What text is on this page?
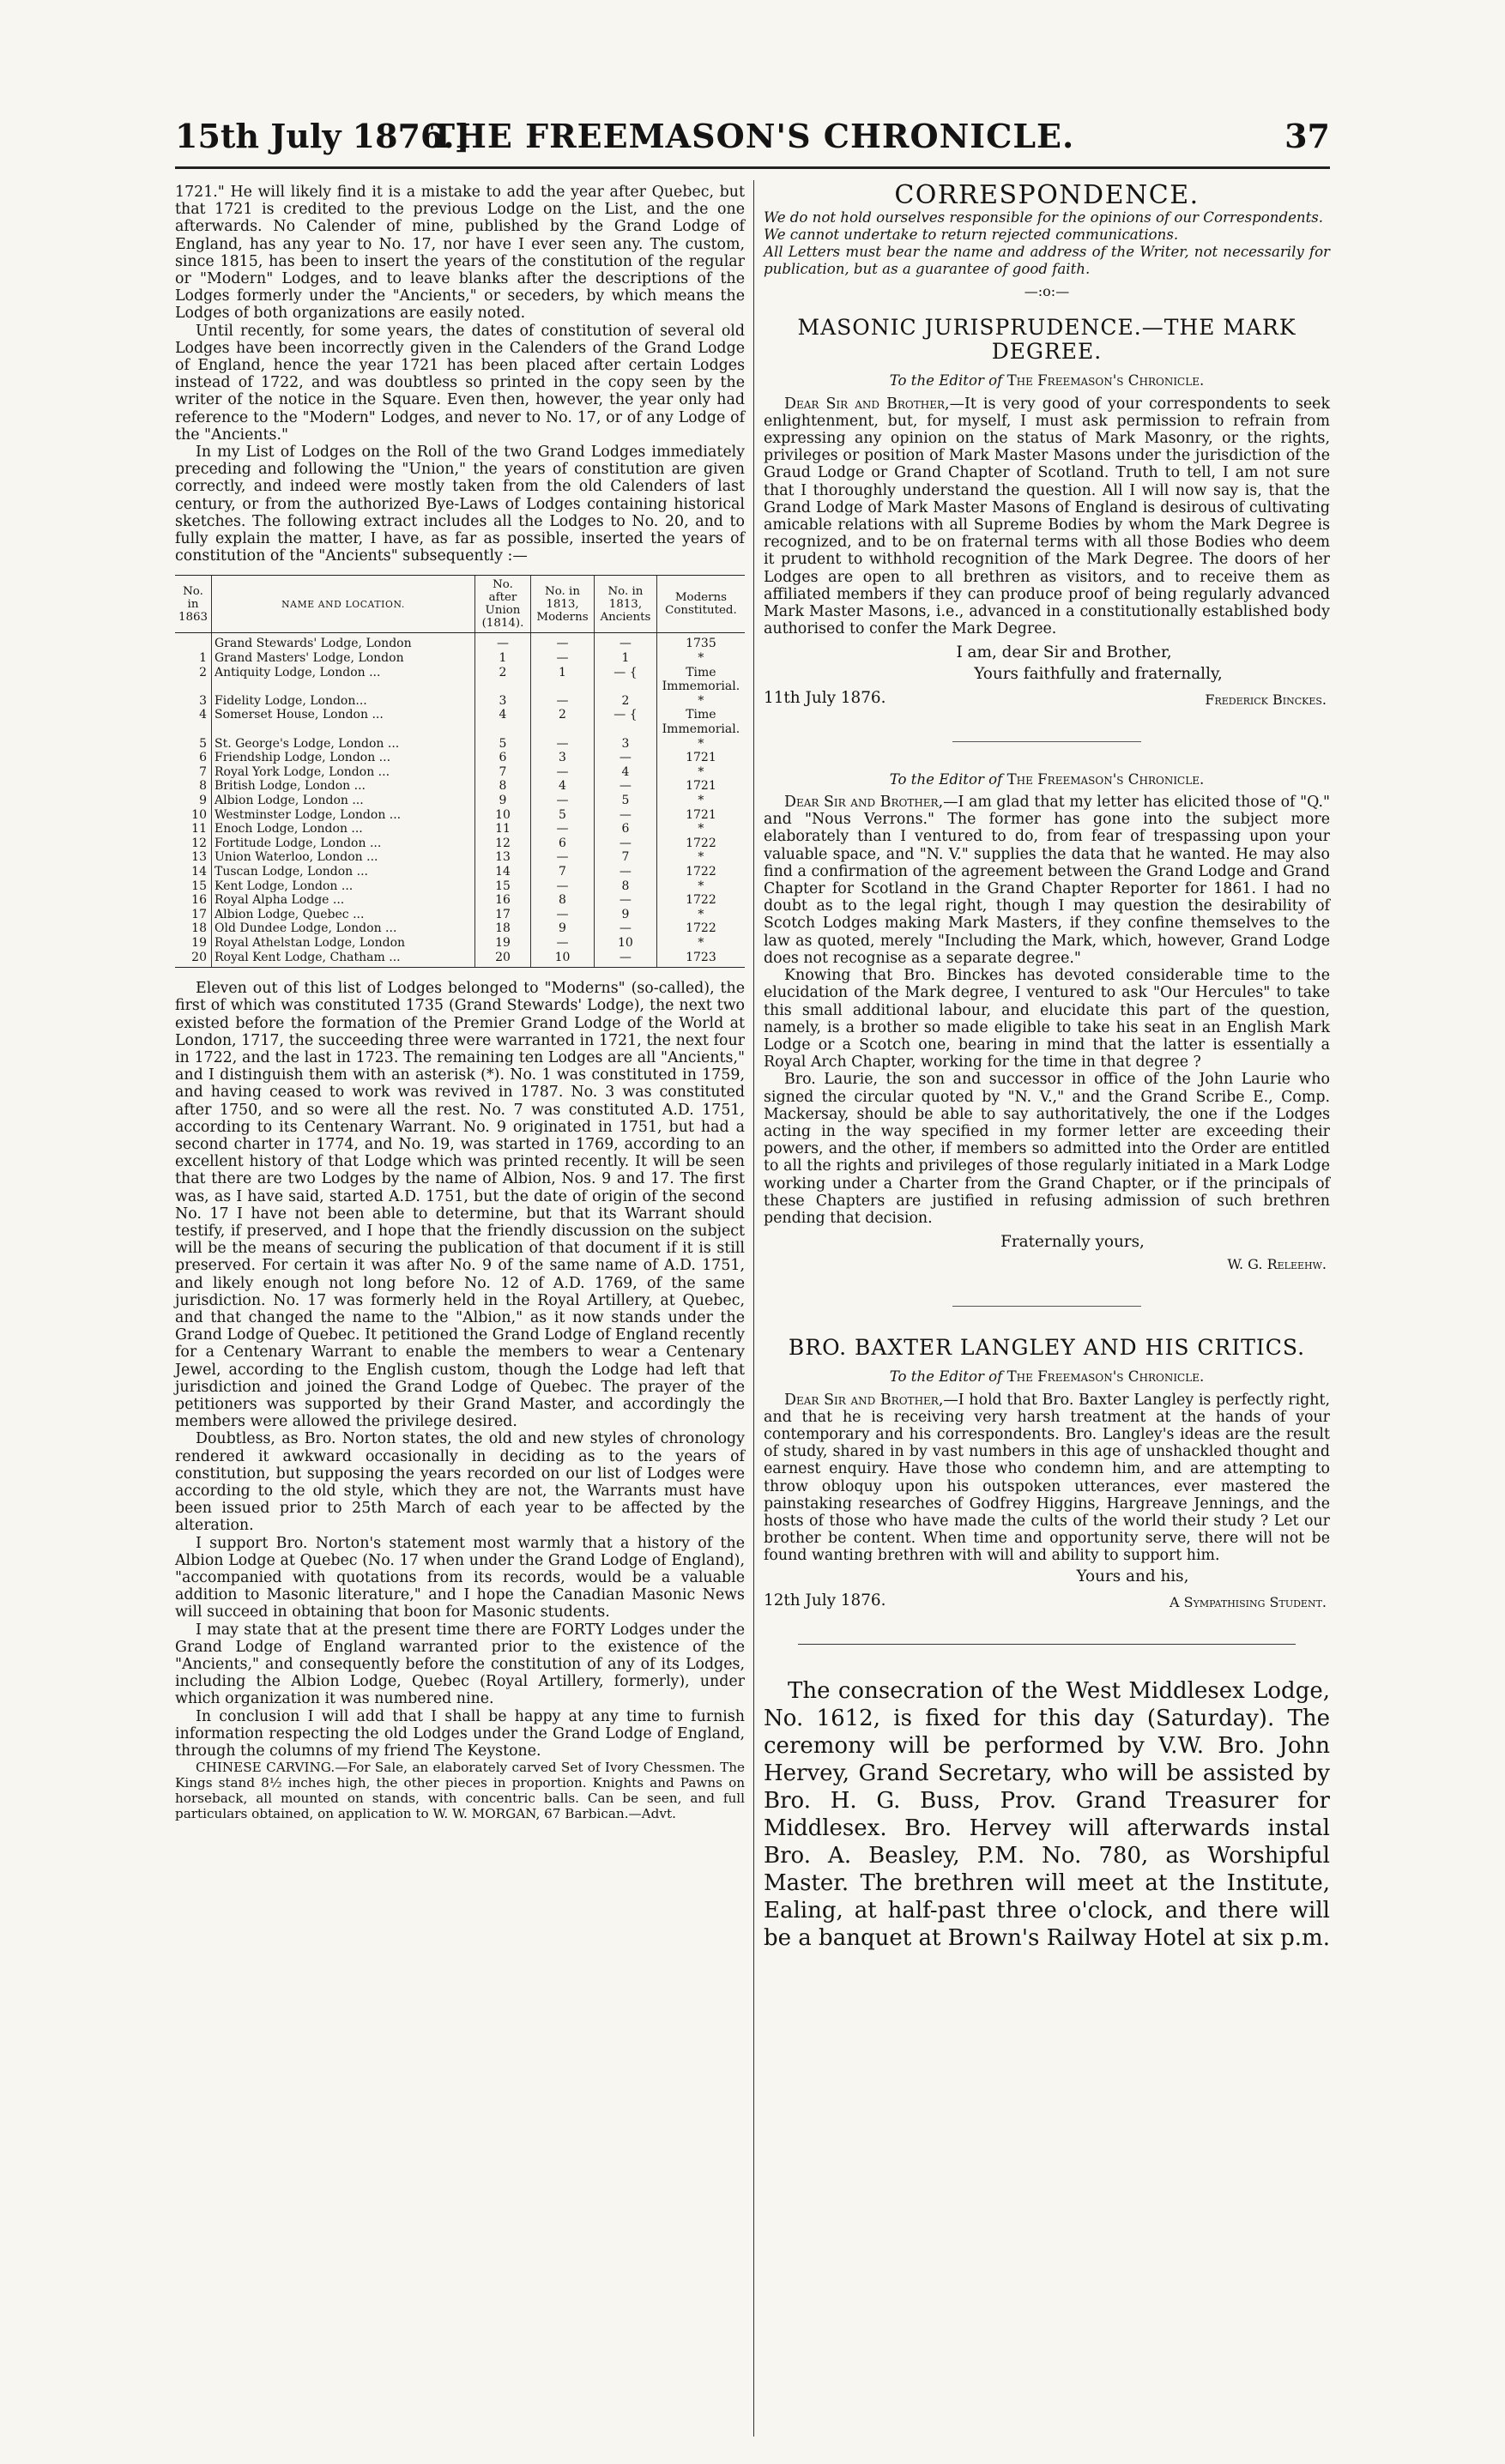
15th July 1876.]
THE FREEMASON'S CHRONICLE.	37

1721." He will likely find it is a mistake to add the year after Quebec, but that 1721 is credited to the previous Lodge on the List, and the one afterwards. No Calender of mine, published by the Grand Lodge of England, has any year to No. 17, nor have I ever seen any. The custom, since 1815, has been to insert the years of the constitution of the regular or "Modern" Lodges, and to leave blanks after the descriptions of the Lodges formerly under the "Ancients," or seceders, by which means the Lodges of both organizations are easily noted.

Until recently, for some years, the dates of constitution of several old Lodges have been incorrectly given in the Calenders of the Grand Lodge of England, hence the year 1721 has been placed after certain Lodges instead of 1722, and was doubtless so printed in the copy seen by the writer of the notice in the Square. Even then, however, the year only had reference to the "Modern" Lodges, and never to No. 17, or of any Lodge of the "Ancients."

In my List of Lodges on the Roll of the two Grand Lodges immediately preceding and following the "Union," the years of constitution are given correctly, and indeed were mostly taken from the old Calenders of last century, or from the authorized Bye-Laws of Lodges containing historical sketches. The following extract includes all the Lodges to No. 20, and to fully explain the matter, I have, as far as possible, inserted the years of constitution of the "Ancients" subsequently :—

No. in 1863	NAME AND LOCATION.	No. after Union (1814).	No. in 1813, Moderns	No. in 1813, Ancients	Moderns Constituted.
	Grand Stewards' Lodge, London	—	—	—	1735
1	Grand Masters' Lodge, London	1	—	1	*
2	Antiquity Lodge, London ...	2	1	— {	Time Immemorial.
3	Fidelity Lodge, London...	3	—	2	*
4	Somerset House, London ...	4	2	— {	Time Immemorial.
5	St. George's Lodge, London ...	5	—	3	*
6	Friendship Lodge, London ...	6	3	—	1721
7	Royal York Lodge, London ...	7	—	4	*
8	British Lodge, London ...	8	4	—	1721
9	Albion Lodge, London ...	9	—	5	*
10	Westminster Lodge, London ...	10	5	—	1721
11	Enoch Lodge, London ...	11	—	6	*
12	Fortitude Lodge, London ...	12	6	—	1722
13	Union Waterloo, London ...	13	—	7	*
14	Tuscan Lodge, London ...	14	7	—	1722
15	Kent Lodge, London ...	15	—	8	*
16	Royal Alpha Lodge ...	16	8	—	1722
17	Albion Lodge, Quebec ...	17	—	9	*
18	Old Dundee Lodge, London ...	18	9	—	1722
19	Royal Athelstan Lodge, London	19	—	10	*
20	Royal Kent Lodge, Chatham ...	20	10	—	1723

Eleven out of this list of Lodges belonged to "Moderns" (so-called), the first of which was constituted 1735 (Grand Stewards' Lodge), the next two existed before the formation of the Premier Grand Lodge of the World at London, 1717, the succeeding three were warranted in 1721, the next four in 1722, and the last in 1723. The remaining ten Lodges are all "Ancients," and I distinguish them with an asterisk (*). No. 1 was constituted in 1759, and having ceased to work was revived in 1787. No. 3 was constituted after 1750, and so were all the rest. No. 7 was constituted A.D. 1751, according to its Centenary Warrant. No. 9 originated in 1751, but had a second charter in 1774, and No. 19, was started in 1769, according to an excellent history of that Lodge which was printed recently. It will be seen that there are two Lodges by the name of Albion, Nos. 9 and 17. The first was, as I have said, started A.D. 1751, but the date of origin of the second No. 17 I have not been able to determine, but that its Warrant should testify, if preserved, and I hope that the friendly discussion on the subject will be the means of securing the publication of that document if it is still preserved. For certain it was after No. 9 of the same name of A.D. 1751, and likely enough not long before No. 12 of A.D. 1769, of the same jurisdiction. No. 17 was formerly held in the Royal Artillery, at Quebec, and that changed the name to the "Albion," as it now stands under the Grand Lodge of Quebec. It petitioned the Grand Lodge of England recently for a Centenary Warrant to enable the members to wear a Centenary Jewel, according to the English custom, though the Lodge had left that jurisdiction and joined the Grand Lodge of Quebec. The prayer of the petitioners was supported by their Grand Master, and accordingly the members were allowed the privilege desired.

Doubtless, as Bro. Norton states, the old and new styles of chronology rendered it awkward occasionally in deciding as to the years of constitution, but supposing the years recorded on our list of Lodges were according to the old style, which they are not, the Warrants must have been issued prior to 25th March of each year to be affected by the alteration.

I support Bro. Norton's statement most warmly that a history of the Albion Lodge at Quebec (No. 17 when under the Grand Lodge of England), "accompanied with quotations from its records, would be a valuable addition to Masonic literature," and I hope the Canadian Masonic News will succeed in obtaining that boon for Masonic students.

I may state that at the present time there are FORTY Lodges under the Grand Lodge of England warranted prior to the existence of the "Ancients," and consequently before the constitution of any of its Lodges, including the Albion Lodge, Quebec (Royal Artillery, formerly), under which organization it was numbered nine.

In conclusion I will add that I shall be happy at any time to furnish information respecting the old Lodges under the Grand Lodge of England, through the columns of my friend The Keystone.

CHINESE CARVING.—For Sale, an elaborately carved Set of Ivory Chessmen. The Kings stand 8½ inches high, the other pieces in proportion. Knights and Pawns on horseback, all mounted on stands, with concentric balls. Can be seen, and full particulars obtained, on application to W. W. MORGAN, 67 Barbican.—Advt.

CORRESPONDENCE.

We do not hold ourselves responsible for the opinions of our Correspondents.

We cannot undertake to return rejected communications.

All Letters must bear the name and address of the Writer, not necessarily for publication, but as a guarantee of good faith.

—:o:—
MASONIC JURISPRUDENCE.—THE MARK DEGREE.
To the Editor of The Freemason's Chronicle.

Dear Sir and Brother,—It is very good of your correspondents to seek enlightenment, but, for myself, I must ask permission to refrain from expressing any opinion on the status of Mark Masonry, or the rights, privileges or position of Mark Master Masons under the jurisdiction of the Graud Lodge or Grand Chapter of Scotland. Truth to tell, I am not sure that I thoroughly understand the question. All I will now say is, that the Grand Lodge of Mark Master Masons of England is desirous of cultivating amicable relations with all Supreme Bodies by whom the Mark Degree is recognized, and to be on fraternal terms with all those Bodies who deem it prudent to withhold recognition of the Mark Degree. The doors of her Lodges are open to all brethren as visitors, and to receive them as affiliated members if they can produce proof of being regularly advanced Mark Master Masons, i.e., advanced in a constitutionally established body authorised to confer the Mark Degree.

I am, dear Sir and Brother,
Yours faithfully and fraternally,
11th July 1876.	Frederick Binckes.
To the Editor of The Freemason's Chronicle.

Dear Sir and Brother,—I am glad that my letter has elicited those of "Q." and "Nous Verrons." The former has gone into the subject more elaborately than I ventured to do, from fear of trespassing upon your valuable space, and "N. V." supplies the data that he wanted. He may also find a confirmation of the agreement between the Grand Lodge and Grand Chapter for Scotland in the Grand Chapter Reporter for 1861. I had no doubt as to the legal right, though I may question the desirability of Scotch Lodges making Mark Masters, if they confine themselves to the law as quoted, merely "Including the Mark, which, however, Grand Lodge does not recognise as a separate degree."

Knowing that Bro. Binckes has devoted considerable time to the elucidation of the Mark degree, I ventured to ask "Our Hercules" to take this small additional labour, and elucidate this part of the question, namely, is a brother so made eligible to take his seat in an English Mark Lodge or a Scotch one, bearing in mind that the latter is essentially a Royal Arch Chapter, working for the time in that degree ?

Bro. Laurie, the son and successor in office of the John Laurie who signed the circular quoted by "N. V.," and the Grand Scribe E., Comp. Mackersay, should be able to say authoritatively, the one if the Lodges acting in the way specified in my former letter are exceeding their powers, and the other, if members so admitted into the Order are entitled to all the rights and privileges of those regularly initiated in a Mark Lodge working under a Charter from the Grand Chapter, or if the principals of these Chapters are justified in refusing admission of such brethren pending that decision.

Fraternally yours,
W. G. Releehw.
BRO. BAXTER LANGLEY AND HIS CRITICS.
To the Editor of The Freemason's Chronicle.

Dear Sir and Brother,—I hold that Bro. Baxter Langley is perfectly right, and that he is receiving very harsh treatment at the hands of your contemporary and his correspondents. Bro. Langley's ideas are the result of study, shared in by vast numbers in this age of unshackled thought and earnest enquiry. Have those who condemn him, and are attempting to throw obloquy upon his outspoken utterances, ever mastered the painstaking researches of Godfrey Higgins, Hargreave Jennings, and the hosts of those who have made the cults of the world their study ? Let our brother be content. When time and opportunity serve, there will not be found wanting brethren with will and ability to support him.

Yours and his,
12th July 1876.	A Sympathising Student.

The consecration of the West Middlesex Lodge, No. 1612, is fixed for this day (Saturday). The ceremony will be performed by V.W. Bro. John Hervey, Grand Secretary, who will be assisted by Bro. H. G. Buss, Prov. Grand Treasurer for Middlesex. Bro. Hervey will afterwards instal Bro. A. Beasley, P.M. No. 780, as Worshipful Master. The brethren will meet at the Institute, Ealing, at half-past three o'clock, and there will be a banquet at Brown's Railway Hotel at six p.m.
